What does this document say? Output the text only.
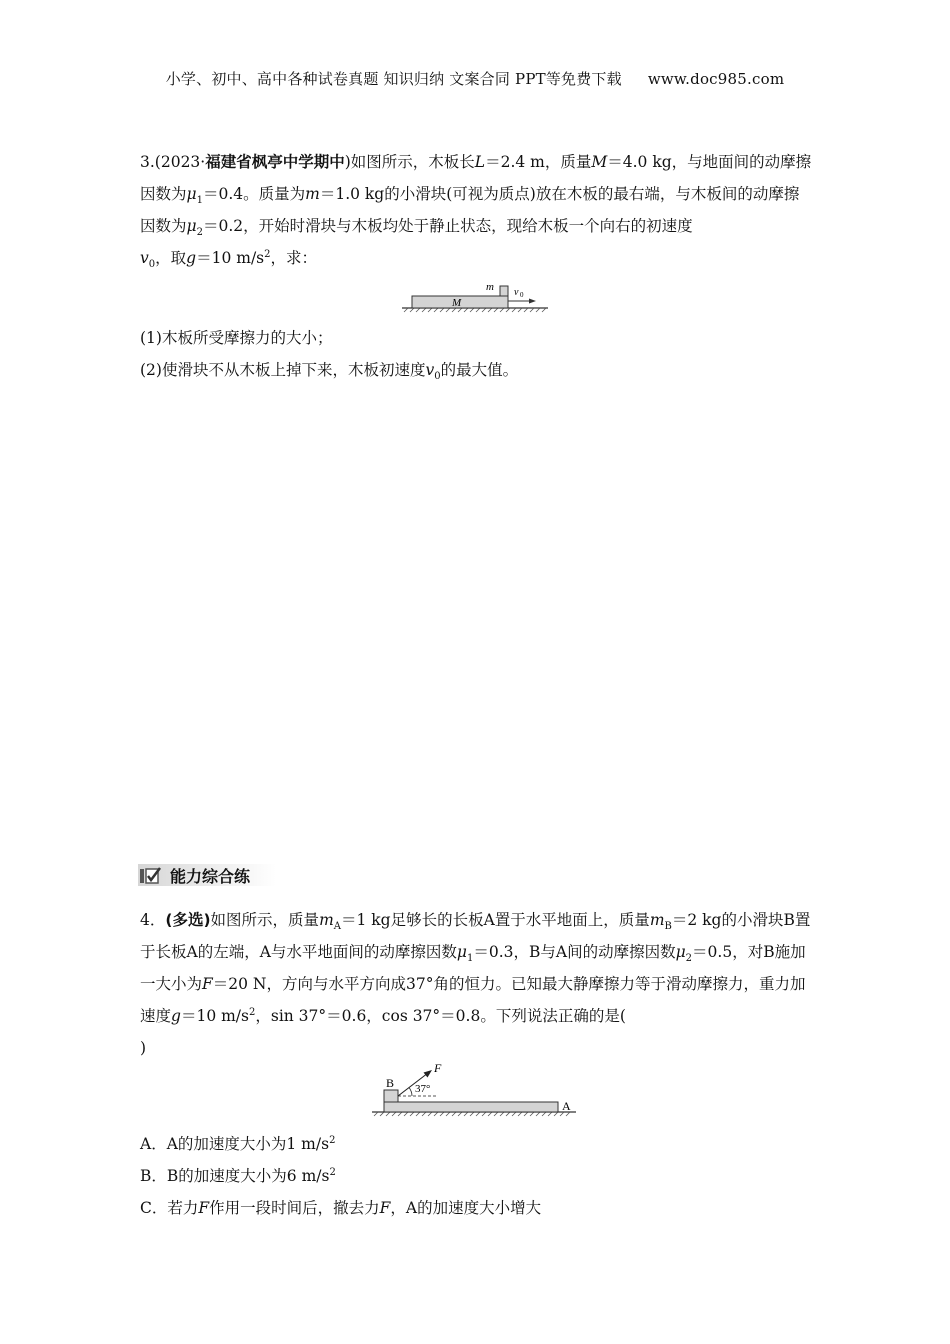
小学、初中、高中各种试卷真题 知识归纳 文案合同 PPT等免费下载 www.doc985.com
3.(2023·福建省枫亭中学期中)如图所示，木板长L＝2.4 m，质量M＝4.0 kg，与地面间的动摩擦因数为$\mu_1=0.4$。质量为m＝1.0 kg的小滑块(可视为质点)放在木板的最右端，与木板间的动摩擦因数为$\mu_2=0.2$，开始时滑块与木板均处于静止状态，现给木板一个向右的初速度
$v_0$，取g＝10 $m/s^2$，求：
m
M
v 0
(1)木板所受摩擦力的大小；
(2)使滑块不从木板上掉下来，木板初速度$v_0$的最大值。
能力综合练
4．(多选)如图所示，质量$m_A=1$ kg足够长的长板A置于水平地面上，质量$m_B=2$ kg的小滑块B置于长板A的左端，A与水平地面间的动摩擦因数$\mu_1=0.3$，B与A间的动摩擦因数$\mu_2=0.5$，对B施加一大小为F＝20 N，方向与水平方向成37°角的恒力。已知最大静摩擦力等于滑动摩擦力，重力加速度g＝10 $m/s^2$，sin 37°＝0.6，cos 37°＝0.8。下列说法正确的是(
)
B
A
F
37°
A．A的加速度大小为1 $m/s^2$
B．B的加速度大小为6 $m/s^2$
C．若力F作用一段时间后，撤去力F，A的加速度大小增大
